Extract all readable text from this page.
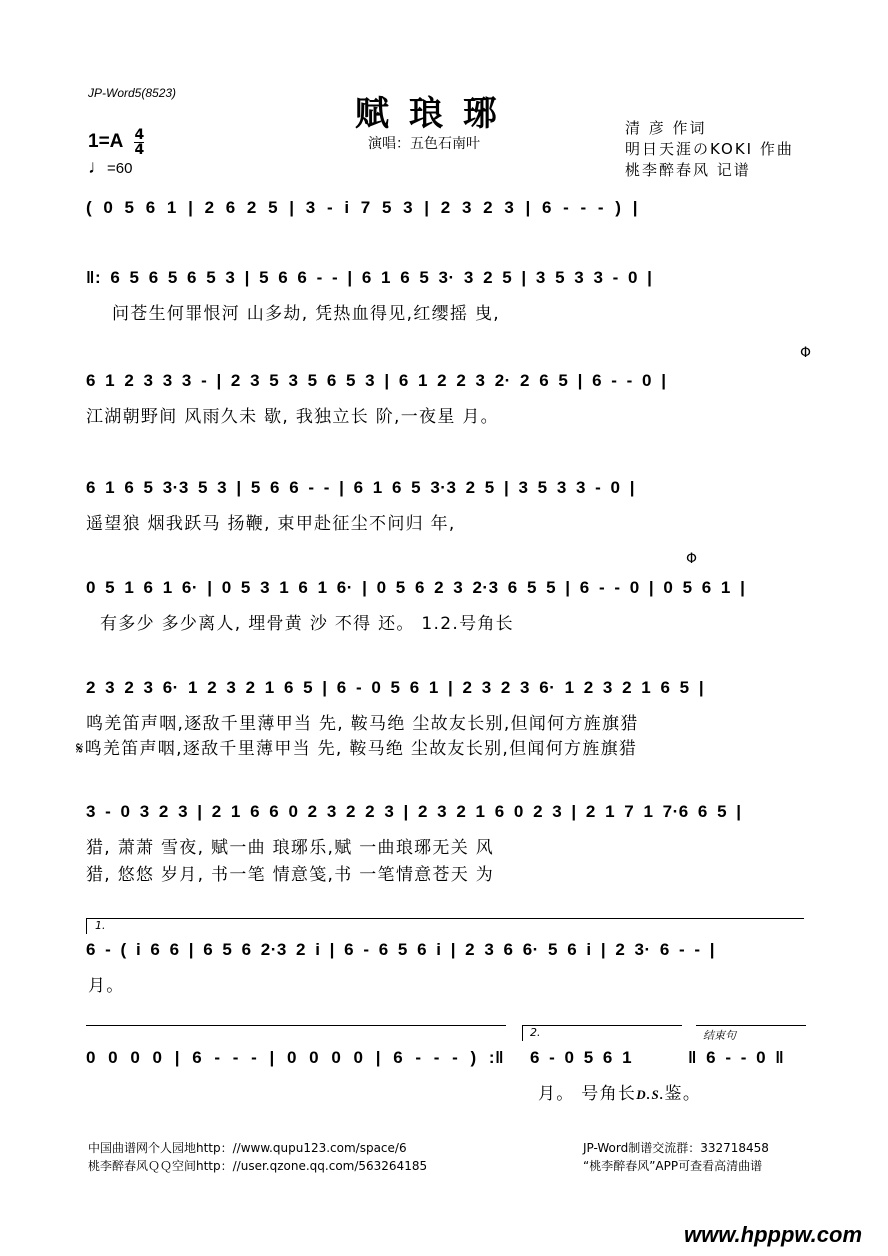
JP-Word5(8523)
赋琅琊
演唱：五色石南叶
清 彦 作词
明日天涯のKOKI 作曲
桃李醉春风 记谱
$1=A \frac{4}{4}$
♩=60
( 0 5 6 1 | 2 6 2 5 | 3 - i 7 5 3 | 2 3 2 3 | 6 - - - ) |
‖: 6 5 6 5 6 5 3 | 5 6 6 - - | 6 1 6 5 3· 3 2 5 | 3 5 3 3 - 0 |
问苍生何罪恨河 山多劫, 凭热血得见,红缨摇 曳,
Φ
6 1 2 3 3 3 - | 2 3 5 3 5 6 5 3 | 6 1 2 2 3 2· 2 6 5 | 6 - - 0 |
江湖朝野间 风雨久未 歇, 我独立长 阶,一夜星 月。
6 1 6 5 3·3 5 3 | 5 6 6 - - | 6 1 6 5 3·3 2 5 | 3 5 3 3 - 0 |
遥望狼 烟我跃马 扬鞭, 束甲赴征尘不问归 年,
Φ
0 5 1 6 1 6· | 0 5 3 1 6 1 6· | 0 5 6 2 3 2·3 6 5 5 | 6 - - 0 | 0 5 6 1 |
有多少 多少离人, 埋骨黄 沙 不得 还。 1.2.号角长
2 3 2 3 6· 1 2 3 2 1 6 5 | 6 - 0 5 6 1 | 2 3 2 3 6· 1 2 3 2 1 6 5 |
鸣羌笛声咽,逐敌千里薄甲当 先, 鞍马绝 尘故友长别,但闻何方旌旗猎
𝄋鸣羌笛声咽,逐敌千里薄甲当 先, 鞍马绝 尘故友长别,但闻何方旌旗猎
3 - 0 3 2 3 | 2 1 6 6 0 2 3 2 2 3 | 2 3 2 1 6 0 2 3 | 2 1 7 1 7·6 6 5 |
猎, 萧萧 雪夜, 赋一曲 琅琊乐,赋 一曲琅琊无关 风
猎, 悠悠 岁月, 书一笔 情意笺,书 一笔情意苍天 为
1.
6 - ( i 6 6 | 6 5 6 2·3 2 i | 6 - 6 5 6 i | 2 3 6 6· 5 6 i | 2 3· 6 - - |
月。
2.	结束句
0 0 0 0 | 6 - - - | 0 0 0 0 | 6 - - - ) :‖ 6 - 0 5 6 1	‖ 6 - - 0 ‖
月。 号角长D.S.鉴。
中国曲谱网个人园地http：//www.qupu123.com/space/6
桃李醉春风ＱＱ空间http：//user.qzone.qq.com/563264185
JP-Word制谱交流群：332718458
“桃李醉春风”APP可查看高清曲谱
www.hpppw.com
